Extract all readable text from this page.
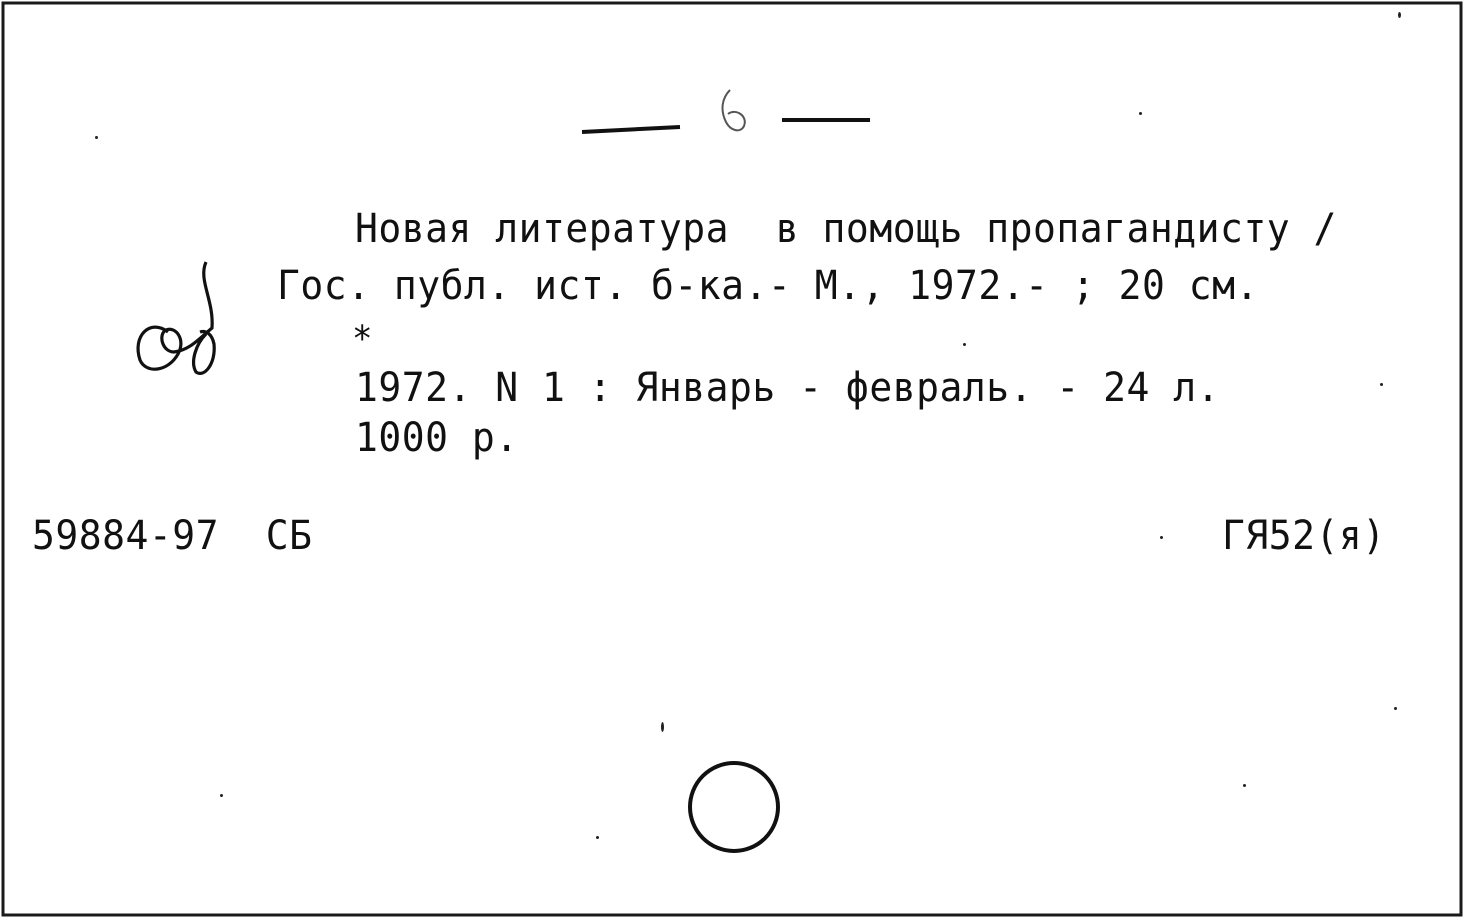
Новая литература  в помощь пропагандисту /
Гос. публ. ист. б-ка.- М., 1972.- ; 20 см.
*
1972. N 1 : Январь - февраль. - 24 л.
1000 р.
59884-97  СБ	ГЯ52(я)
